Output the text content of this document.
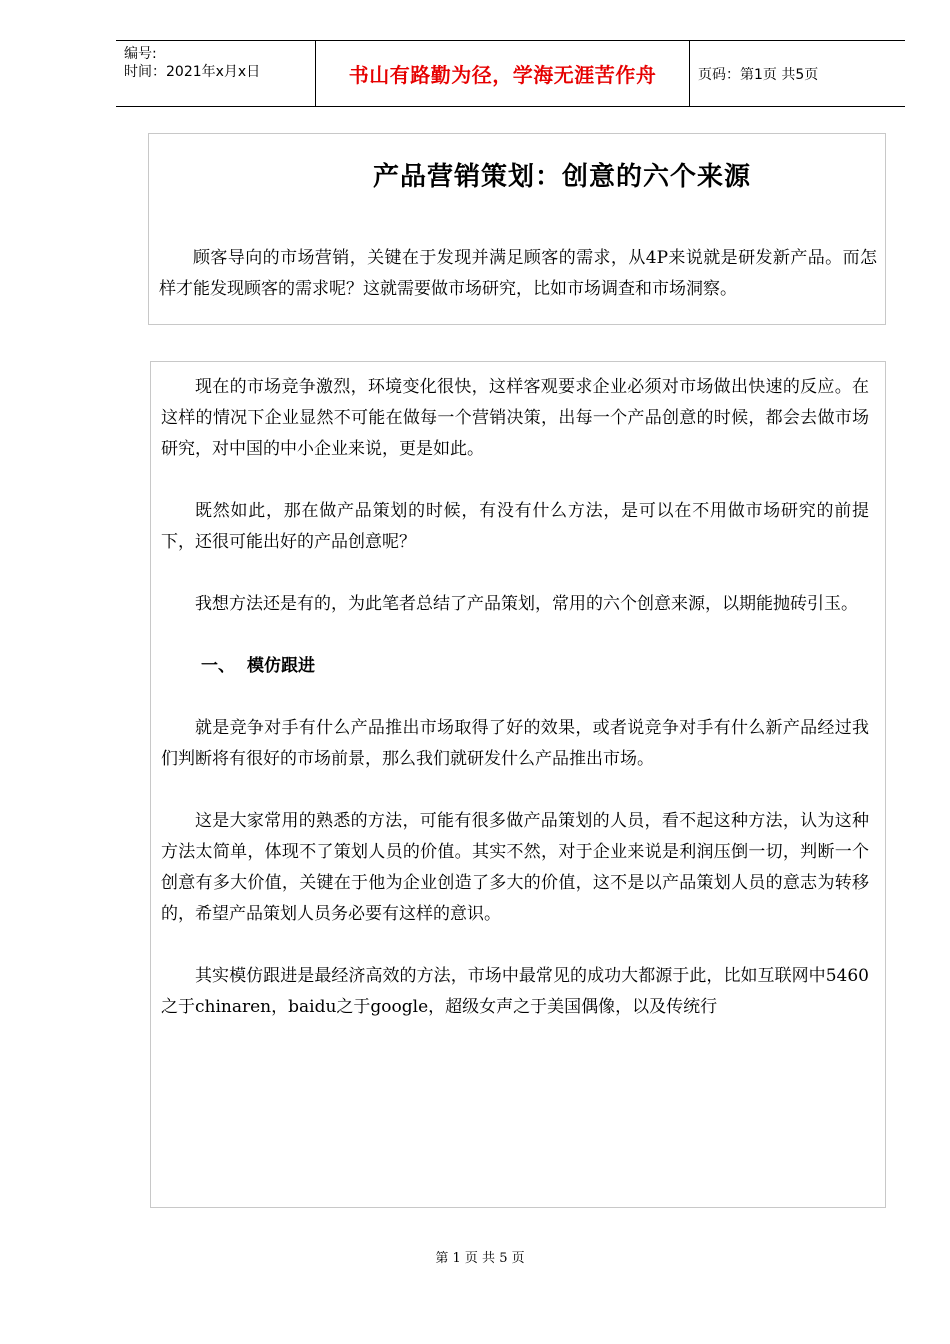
编号:
时间：2021年x月x日	书山有路勤为径，学海无涯苦作舟	页码：第1页 共5页
产品营销策划：创意的六个来源

顾客导向的市场营销，关键在于发现并满足顾客的需求，从4P来说就是研发新产品。而怎样才能发现顾客的需求呢？这就需要做市场研究，比如市场调查和市场洞察。

现在的市场竞争激烈，环境变化很快，这样客观要求企业必须对市场做出快速的反应。在这样的情况下企业显然不可能在做每一个营销决策，出每一个产品创意的时候，都会去做市场研究，对中国的中小企业来说，更是如此。

既然如此，那在做产品策划的时候，有没有什么方法，是可以在不用做市场研究的前提下，还很可能出好的产品创意呢？

我想方法还是有的，为此笔者总结了产品策划，常用的六个创意来源，以期能抛砖引玉。

一、 模仿跟进

就是竞争对手有什么产品推出市场取得了好的效果，或者说竞争对手有什么新产品经过我们判断将有很好的市场前景，那么我们就研发什么产品推出市场。

这是大家常用的熟悉的方法，可能有很多做产品策划的人员，看不起这种方法，认为这种方法太简单，体现不了策划人员的价值。其实不然，对于企业来说是利润压倒一切，判断一个创意有多大价值，关键在于他为企业创造了多大的价值，这不是以产品策划人员的意志为转移的，希望产品策划人员务必要有这样的意识。

其实模仿跟进是最经济高效的方法，市场中最常见的成功大都源于此，比如互联网中5460之于chinaren，baidu之于google，超级女声之于美国偶像，以及传统行

第 1 页 共 5 页
